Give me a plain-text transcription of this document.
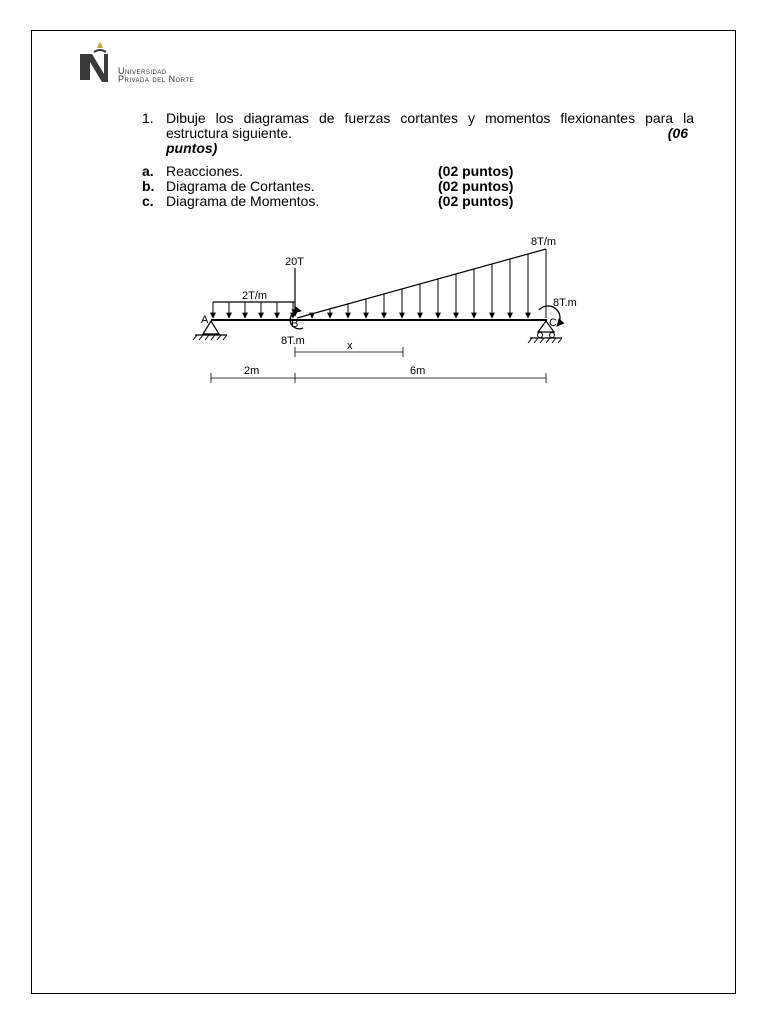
Universidad
Privada del Norte
1. Dibuje los diagramas de fuerzas cortantes y momentos flexionantes para la
estructura siguiente.	(06
puntos)
a. Reacciones.	(02 puntos)
b. Diagrama de Cortantes.	(02 puntos)
c. Diagrama de Momentos.	(02 puntos)
2T/m
20T
8T/m
A	B
8T.m
C
8T.m
x
2m	6m
